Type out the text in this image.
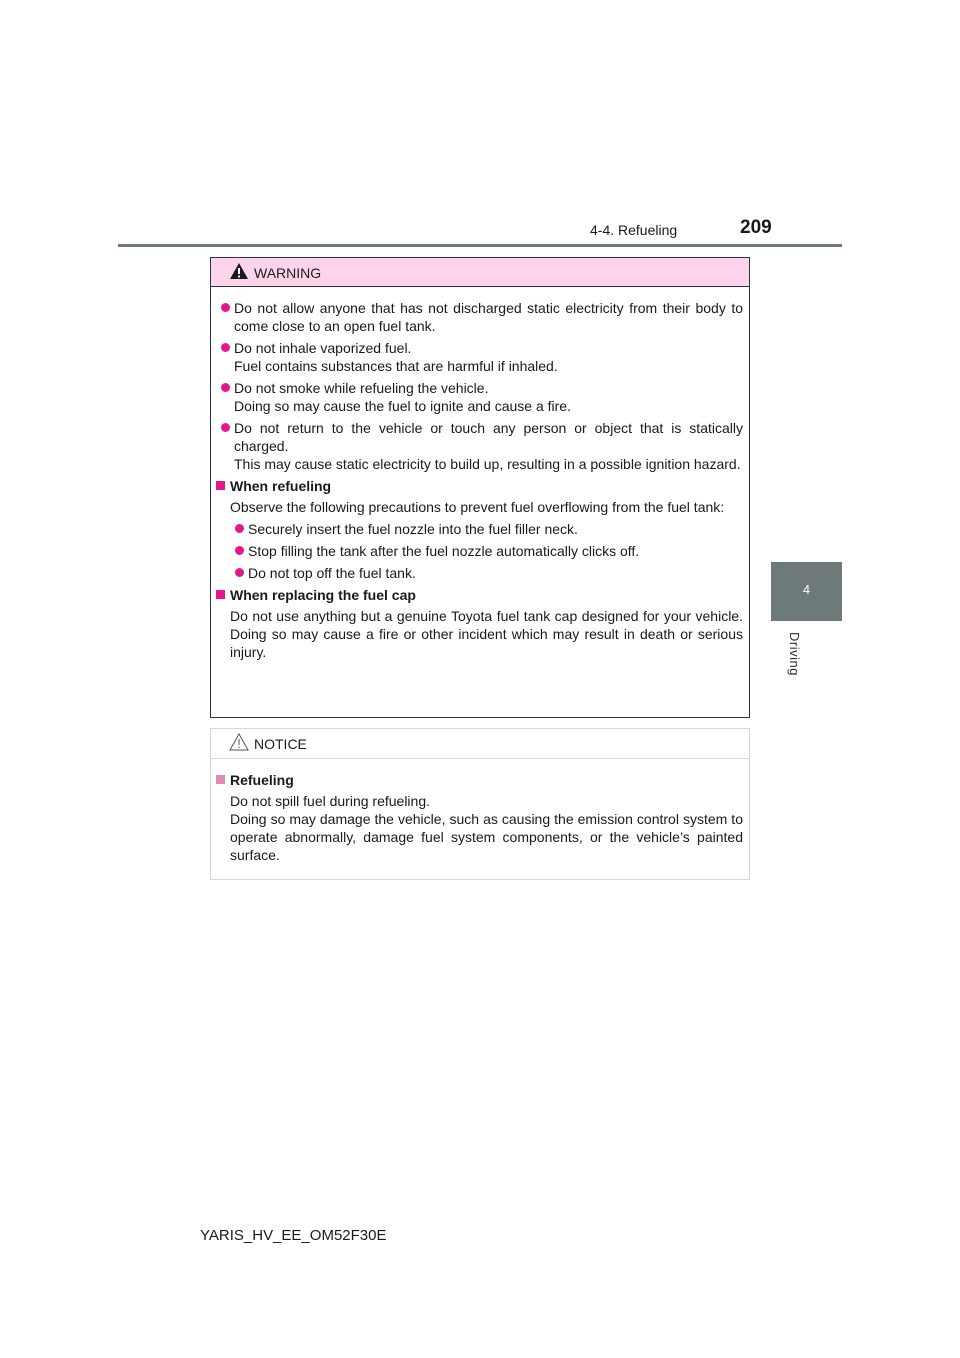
4-4. Refueling	209
4
Driving
WARNING
Do not allow anyone that has not discharged static electricity from their body to come close to an open fuel tank.
Do not inhale vaporized fuel.
Fuel contains substances that are harmful if inhaled.
Do not smoke while refueling the vehicle.
Doing so may cause the fuel to ignite and cause a fire.
Do not return to the vehicle or touch any person or object that is statically charged.
This may cause static electricity to build up, resulting in a possible ignition hazard.
When refueling
Observe the following precautions to prevent fuel overflowing from the fuel tank:
Securely insert the fuel nozzle into the fuel filler neck.
Stop filling the tank after the fuel nozzle automatically clicks off.
Do not top off the fuel tank.
When replacing the fuel cap
Do not use anything but a genuine Toyota fuel tank cap designed for your vehicle. Doing so may cause a fire or other incident which may result in death or serious injury.
NOTICE
Refueling
Do not spill fuel during refueling.
Doing so may damage the vehicle, such as causing the emission control system to operate abnormally, damage fuel system components, or the vehicle’s painted surface.
YARIS_HV_EE_OM52F30E
